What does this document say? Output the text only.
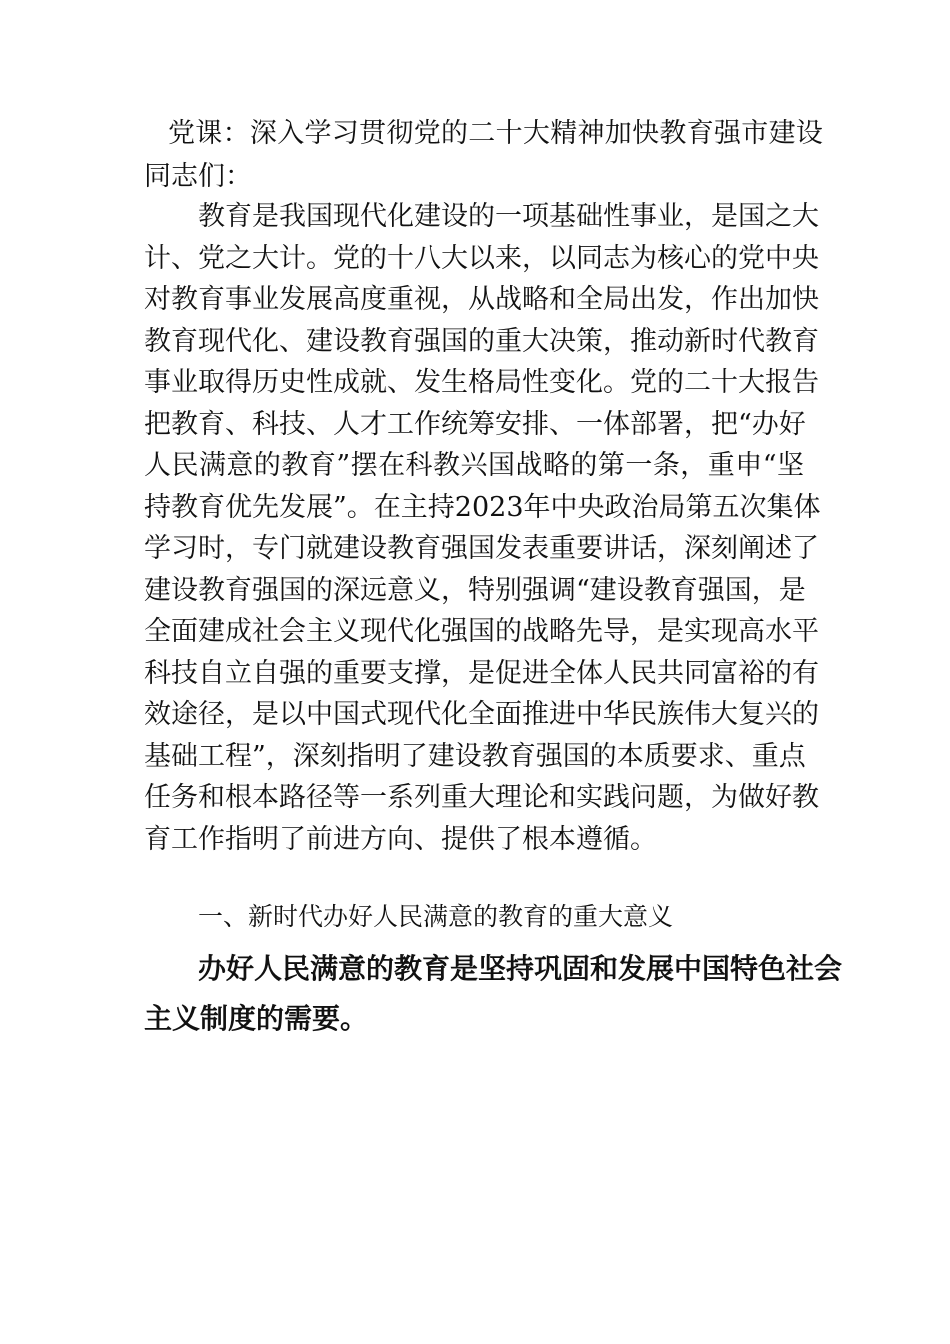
党课：深入学习贯彻党的二十大精神加快教育强市建设
同志们：
教育是我国现代化建设的一项基础性事业，是国之大
计、党之大计。党的十八大以来，以同志为核心的党中央
对教育事业发展高度重视，从战略和全局出发，作出加快
教育现代化、建设教育强国的重大决策，推动新时代教育
事业取得历史性成就、发生格局性变化。党的二十大报告
把教育、科技、人才工作统筹安排、一体部署，把“办好
人民满意的教育”摆在科教兴国战略的第一条，重申“坚
持教育优先发展”。在主持2023年中央政治局第五次集体
学习时，专门就建设教育强国发表重要讲话，深刻阐述了
建设教育强国的深远意义，特别强调“建设教育强国，是
全面建成社会主义现代化强国的战略先导，是实现高水平
科技自立自强的重要支撑，是促进全体人民共同富裕的有
效途径，是以中国式现代化全面推进中华民族伟大复兴的
基础工程”，深刻指明了建设教育强国的本质要求、重点
任务和根本路径等一系列重大理论和实践问题，为做好教
育工作指明了前进方向、提供了根本遵循。
一、新时代办好人民满意的教育的重大意义
办好人民满意的教育是坚持巩固和发展中国特色社会
主义制度的需要。
